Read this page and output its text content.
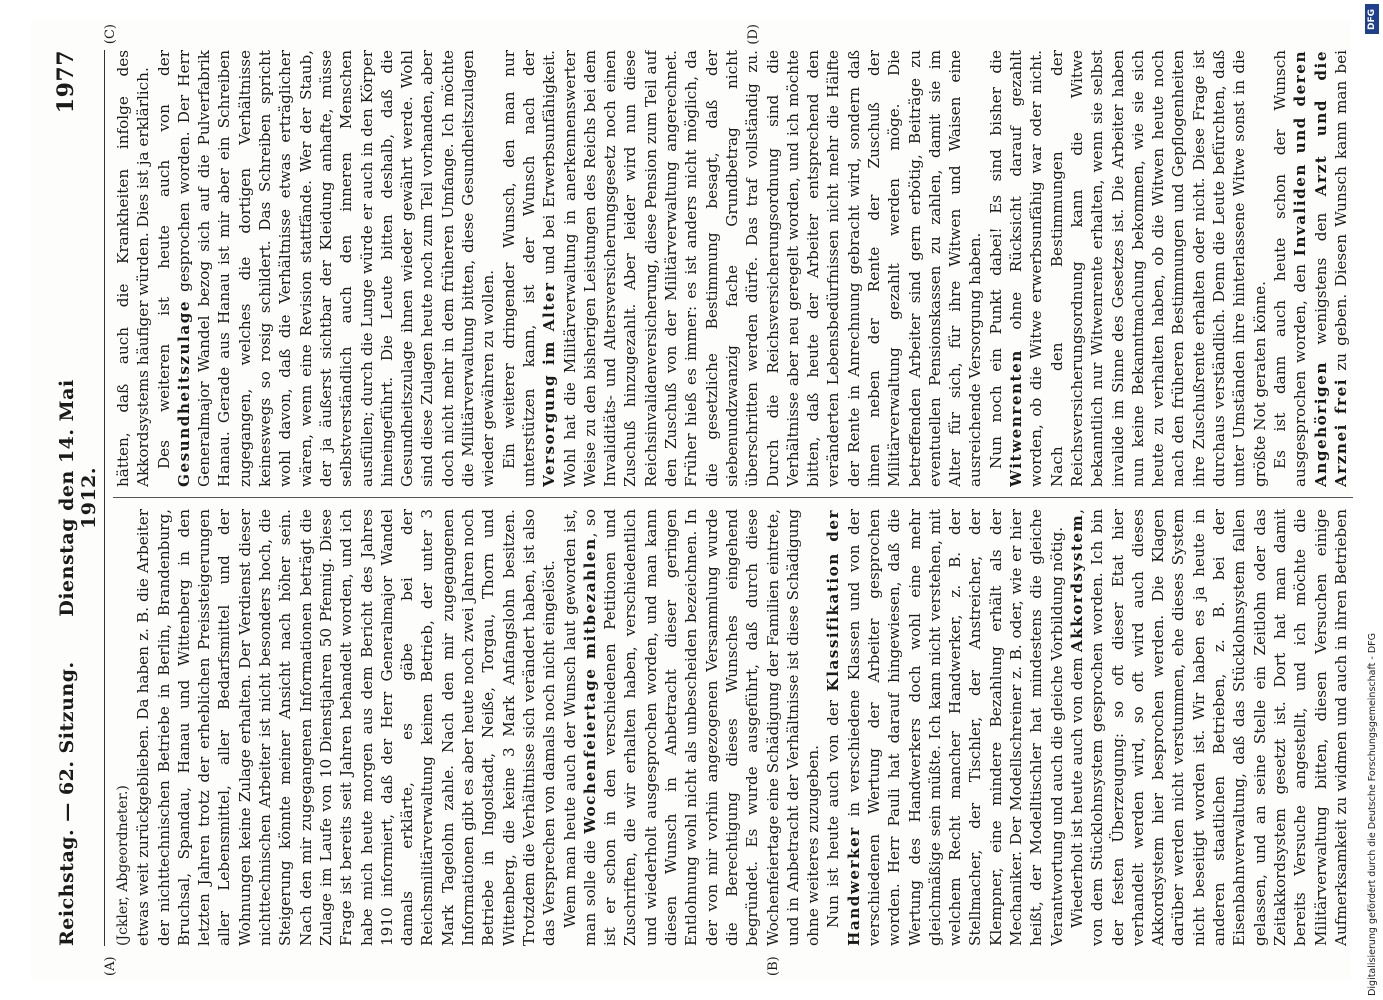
Reichstag. — 62. Sitzung.
Dienstag den 14. Mai 1912.
1977
(A)	(B)
(C)	(D)

(Jckler, Abgeordneter.) etwas weit zurückgeblieben. Da haben z. B. die Arbeiter der nichttechnischen Betriebe in Berlin, Brandenburg, Bruchsal, Spandau, Hanau und Wittenberg in den letzten Jahren trotz der erheblichen Preissteigerungen aller Lebensmittel, aller Bedarfsmittel und der Wohnungen keine Zulage erhalten. Der Verdienst dieser nichttechnischen Arbeiter ist nicht besonders hoch, die Steigerung könnte meiner Ansicht nach höher sein. Nach den mir zugegangenen Informationen beträgt die Zulage im Laufe von 10 Dienstjahren 50 Pfennig. Diese Frage ist bereits seit Jahren behandelt worden, und ich habe mich heute morgen aus dem Bericht des Jahres 1910 informiert, daß der Herr Generalmajor Wandel damals erklärte, es gäbe bei der Reichsmilitärverwaltung keinen Betrieb, der unter 3 Mark Tagelohn zahle. Nach den mir zugegangenen Informationen gibt es aber heute noch zwei Jahren noch Betriebe in Ingolstadt, Neiße, Torgau, Thorn und Wittenberg, die keine 3 Mark Anfangslohn besitzen. Trotzdem die Verhältnisse sich verändert haben, ist also das Versprechen von damals noch nicht eingelöst. Wenn man heute auch der Wunsch laut geworden ist, man solle die Wochenfeiertage mitbezahlen, so ist er schon in den verschiedenen Petitionen und Zuschriften, die wir erhalten haben, verschiedentlich und wiederholt ausgesprochen worden, und man kann diesen Wunsch in Anbetracht dieser geringen Entlohnung wohl nicht als unbescheiden bezeichnen. In der von mir vorhin angezogenen Versammlung wurde die Berechtigung dieses Wunsches eingehend begründet. Es wurde ausgeführt, daß durch diese Wochenfeiertage eine Schädigung der Familien eintrete, und in Anbetracht der Verhältnisse ist diese Schädigung ohne weiteres zuzugeben. Nun ist heute auch von der Klassifikation der Handwerker in verschiedene Klassen und von der verschiedenen Wertung der Arbeiter gesprochen worden. Herr Pauli hat darauf hingewiesen, daß die Wertung des Handwerkers doch wohl eine mehr gleichmäßige sein müßte. Ich kann nicht verstehen, mit welchem Recht mancher Handwerker, z. B. der Stellmacher, der Tischler, der Anstreicher, der Klempner, eine mindere Bezahlung erhält als der Mechaniker. Der Modellschreiner z. B. oder, wie er hier heißt, der Modelltischler hat mindestens die gleiche Verantwortung und auch die gleiche Vorbildung nötig. Wiederholt ist heute auch von dem Akkordsystem, von dem Stücklohnsystem gesprochen worden. Ich bin der festen Überzeugung: so oft dieser Etat hier verhandelt werden wird, so oft wird auch dieses Akkordsystem hier besprochen werden. Die Klagen darüber werden nicht verstummen, ehe dieses System nicht beseitigt worden ist. Wir haben es ja heute in anderen staatlichen Betrieben, z. B. bei der Eisenbahnverwaltung, daß das Stücklohnsystem fallen gelassen, und an seine Stelle ein Zeitlohn oder das Zeitakkordsystem gesetzt ist. Dort hat man damit bereits Versuche angestellt, und ich möchte die Militärverwaltung bitten, diesen Versuchen einige Aufmerksamkeit zu widmen und auch in ihren Betrieben

hätten, daß auch die Krankheiten infolge des Akkordsystems häufiger würden. Dies ist ja erklärlich. Des weiteren ist heute auch von der Gesundheitszulage gesprochen worden. Der Herr Generalmajor Wandel bezog sich auf die Pulverfabrik Hanau. Gerade aus Hanau ist mir aber ein Schreiben zugegangen, welches die dortigen Verhältnisse keineswegs so rosig schildert. Das Schreiben spricht wohl davon, daß die Verhältnisse etwas erträglicher wären, wenn eine Revision stattfände. Wer der Staub, der ja äußerst sichtbar der Kleidung anhafte, müsse selbstverständlich auch den inneren Menschen ausfüllen; durch die Lunge würde er auch in den Körper hineingeführt. Die Leute bitten deshalb, daß die Gesundheitszulage ihnen wieder gewährt werde. Wohl sind diese Zulagen heute noch zum Teil vorhanden, aber doch nicht mehr in dem früheren Umfange. Ich möchte die Militärverwaltung bitten, diese Gesundheitszulagen wieder gewähren zu wollen. Ein weiterer dringender Wunsch, den man nur unterstützen kann, ist der Wunsch nach der Versorgung im Alter und bei Erwerbsunfähigkeit. Wohl hat die Militärverwaltung in anerkennenswerter Weise zu den bisherigen Leistungen des Reichs bei dem Invaliditäts- und Altersversicherungsgesetz noch einen Zuschuß hinzugezahlt. Aber leider wird nun diese Reichsinvalidenversicherung, diese Pension zum Teil auf den Zuschuß von der Militärverwaltung angerechnet. Früher hieß es immer: es ist anders nicht möglich, da die gesetzliche Bestimmung besagt, daß der siebenundzwanzig fache Grundbetrag nicht überschritten werden dürfe. Das traf vollständig zu. Durch die Reichsversicherungsordnung sind die Verhältnisse aber neu geregelt worden, und ich möchte bitten, daß heute der Arbeiter entsprechend den veränderten Lebensbedürfnissen nicht mehr die Hälfte der Rente in Anrechnung gebracht wird, sondern daß ihnen neben der Rente der Zuschuß der Militärverwaltung gezahlt werden möge. Die betreffenden Arbeiter sind gern erbötig, Beiträge zu eventuellen Pensionskassen zu zahlen, damit sie im Alter für sich, für ihre Witwen und Waisen eine ausreichende Versorgung haben. Nun noch ein Punkt dabei! Es sind bisher die Witwenrenten ohne Rücksicht darauf gezahlt worden, ob die Witwe erwerbsunfähig war oder nicht. Nach den Bestimmungen der Reichsversicherungsordnung kann die Witwe bekanntlich nur Witwenrente erhalten, wenn sie selbst invalide im Sinne des Gesetzes ist. Die Arbeiter haben nun keine Bekanntmachung bekommen, wie sie sich heute zu verhalten haben, ob die Witwen heute noch nach den früheren Bestimmungen und Gepflogenheiten ihre Zuschußrente erhalten oder nicht. Diese Frage ist durchaus verständlich. Denn die Leute befürchten, daß unter Umständen ihre hinterlassene Witwe sonst in die größte Not geraten könne. Es ist dann auch heute schon der Wunsch ausgesprochen worden, den Invaliden und deren Angehörigen wenigstens den Arzt und die Arznei frei zu geben. Diesen Wunsch kann man bei

DFG
Digitalisierung gefördert durch die Deutsche Forschungsgemeinschaft - DFG
